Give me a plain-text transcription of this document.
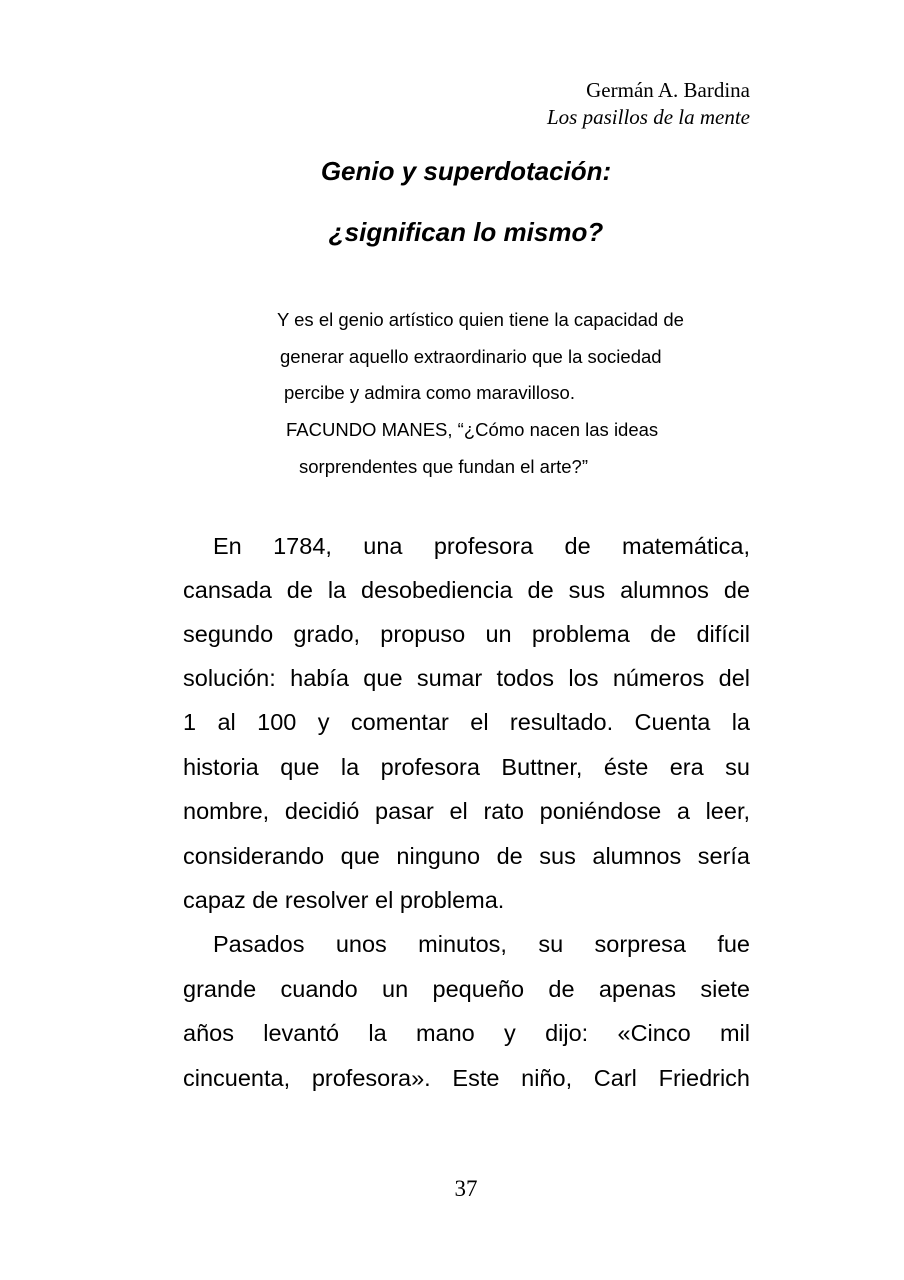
Germán A. Bardina
Los pasillos de la mente
Genio y superdotación:
¿significan lo mismo?
Y es el genio artístico quien tiene la capacidad de
generar aquello extraordinario que la sociedad
percibe y admira como maravilloso.
FACUNDO MANES, “¿Cómo nacen las ideas
sorprendentes que fundan el arte?”
En 1784, una profesora de matemática,
cansada de la desobediencia de sus alumnos de
segundo grado, propuso un problema de difícil
solución: había que sumar todos los números del
1 al 100 y comentar el resultado. Cuenta la
historia que la profesora Buttner, éste era su
nombre, decidió pasar el rato poniéndose a leer,
considerando que ninguno de sus alumnos sería
capaz de resolver el problema.
Pasados unos minutos, su sorpresa fue
grande cuando un pequeño de apenas siete
años levantó la mano y dijo: «Cinco mil
cincuenta, profesora». Este niño, Carl Friedrich
37
